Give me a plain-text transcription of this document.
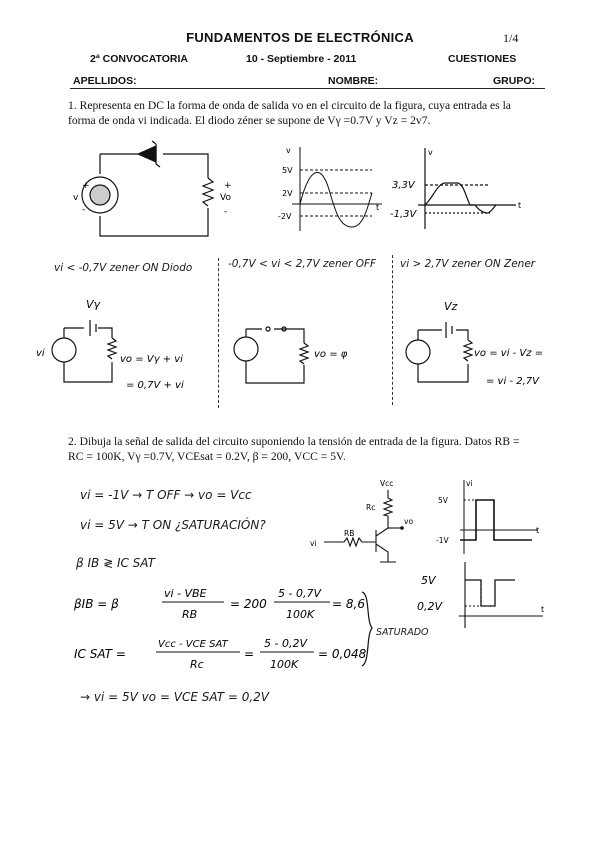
FUNDAMENTOS DE ELECTRÓNICA	1/4
2ª CONVOCATORIA	10 - Septiembre - 2011	CUESTIONES
APELLIDOS:	NOMBRE:	GRUPO:
1. Representa en DC la forma de onda de salida vo en el circuito de la figura, cuya entrada es la
forma de onda vi indicada. El diodo zéner se supone de Vγ =0.7V y Vz = 2v7.
+
v
-
+
Vo
-
v
5V
2V
-2V
t
3,3V
-1,3V
v
t
vi < -0,7V zener ON Diodo	-0,7V < vi < 2,7V zener OFF vi > 2,7V zener ON Zener
Vγ
vi
vo = Vγ + vi
= 0,7V + vi
vo = φ
Vz
vo = vi - Vz =
= vi - 2,7V
2. Dibuja la señal de salida del circuito suponiendo la tensión de entrada de la figura. Datos RB =
RC = 100K, Vγ =0.7V, VCEsat = 0.2V, β = 200, VCC = 5V.
vi = -1V → T OFF → vo = Vcc
vi = 5V → T ON ¿SATURACIÓN?
β IB ≷ IC SAT
βIB = β
vi - VBE
RB
= 200
5 - 0,7V
100K
= 8,6
IC SAT =
Vcc - VCE SAT
Rc
=
5 - 0,2V
100K
= 0,048
SATURADO
→ vi = 5V vo = VCE SAT = 0,2V
Vcc
Rc
RB
vo
vi
vi
5V
-1V
t
5V
0,2V	t
